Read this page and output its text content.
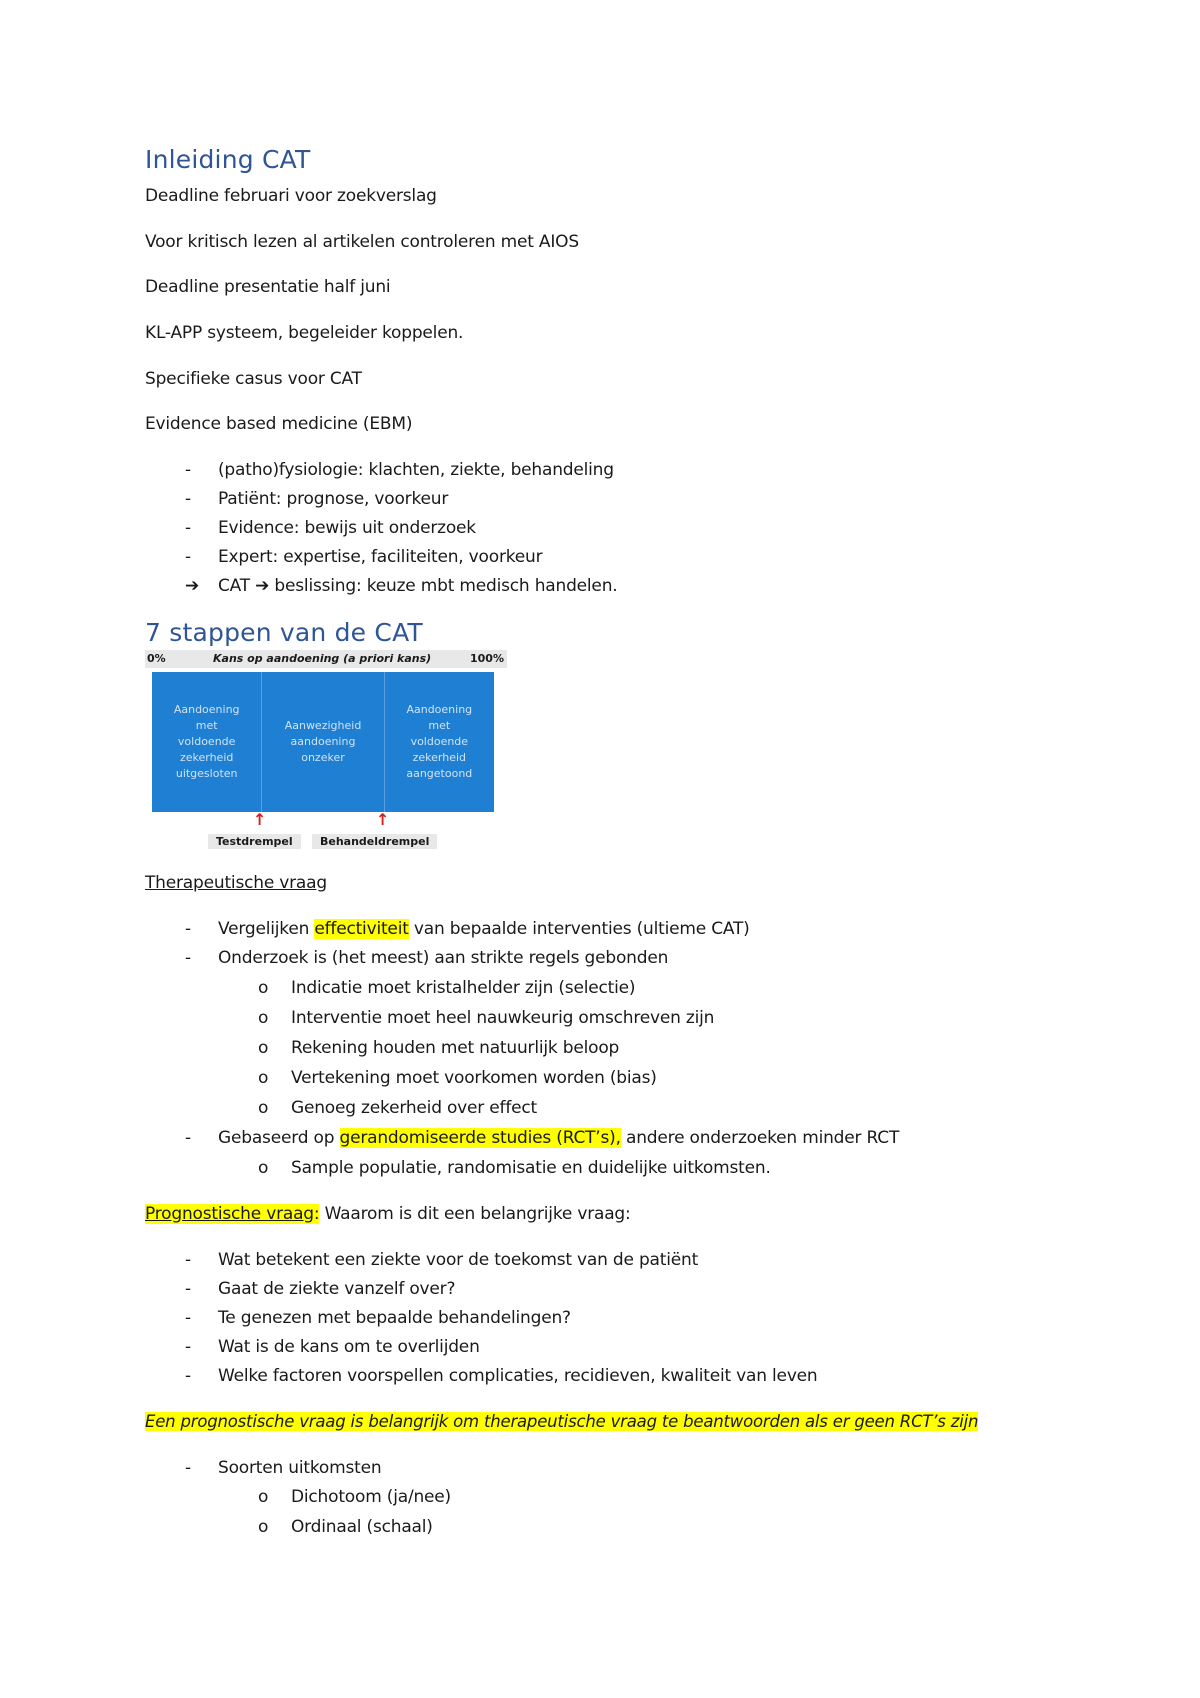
Inleiding CAT

Deadline februari voor zoekverslag

Voor kritisch lezen al artikelen controleren met AIOS

Deadline presentatie half juni

KL-APP systeem, begeleider koppelen.

Specifieke casus voor CAT

Evidence based medicine (EBM)

-	(patho)fysiologie: klachten, ziekte, behandeling
-	Patiënt: prognose, voorkeur
-	Evidence: bewijs uit onderzoek
-	Expert: expertise, faciliteiten, voorkeur
➔	CAT ➔ beslissing: keuze mbt medisch handelen.
7 stappen van de CAT
0%	Kans op aandoening (a priori kans)	100%
Aandoening
met
voldoende
zekerheid
uitgesloten
Aanwezigheid
aandoening
onzeker
Aandoening
met
voldoende
zekerheid
aangetoond
↑	↑
Testdrempel	Behandeldrempel

Therapeutische vraag

-	Vergelijken effectiviteit van bepaalde interventies (ultieme CAT)
-	Onderzoek is (het meest) aan strikte regels gebonden
o Indicatie moet kristalhelder zijn (selectie)
o Interventie moet heel nauwkeurig omschreven zijn
o Rekening houden met natuurlijk beloop
o Vertekening moet voorkomen worden (bias)
o Genoeg zekerheid over effect
-	Gebaseerd op gerandomiseerde studies (RCT’s), andere onderzoeken minder RCT
o Sample populatie, randomisatie en duidelijke uitkomsten.

Prognostische vraag: Waarom is dit een belangrijke vraag:

-	Wat betekent een ziekte voor de toekomst van de patiënt
-	Gaat de ziekte vanzelf over?
-	Te genezen met bepaalde behandelingen?
-	Wat is de kans om te overlijden
-	Welke factoren voorspellen complicaties, recidieven, kwaliteit van leven

Een prognostische vraag is belangrijk om therapeutische vraag te beantwoorden als er geen RCT’s zijn

-	Soorten uitkomsten
o Dichotoom (ja/nee)
o Ordinaal (schaal)
